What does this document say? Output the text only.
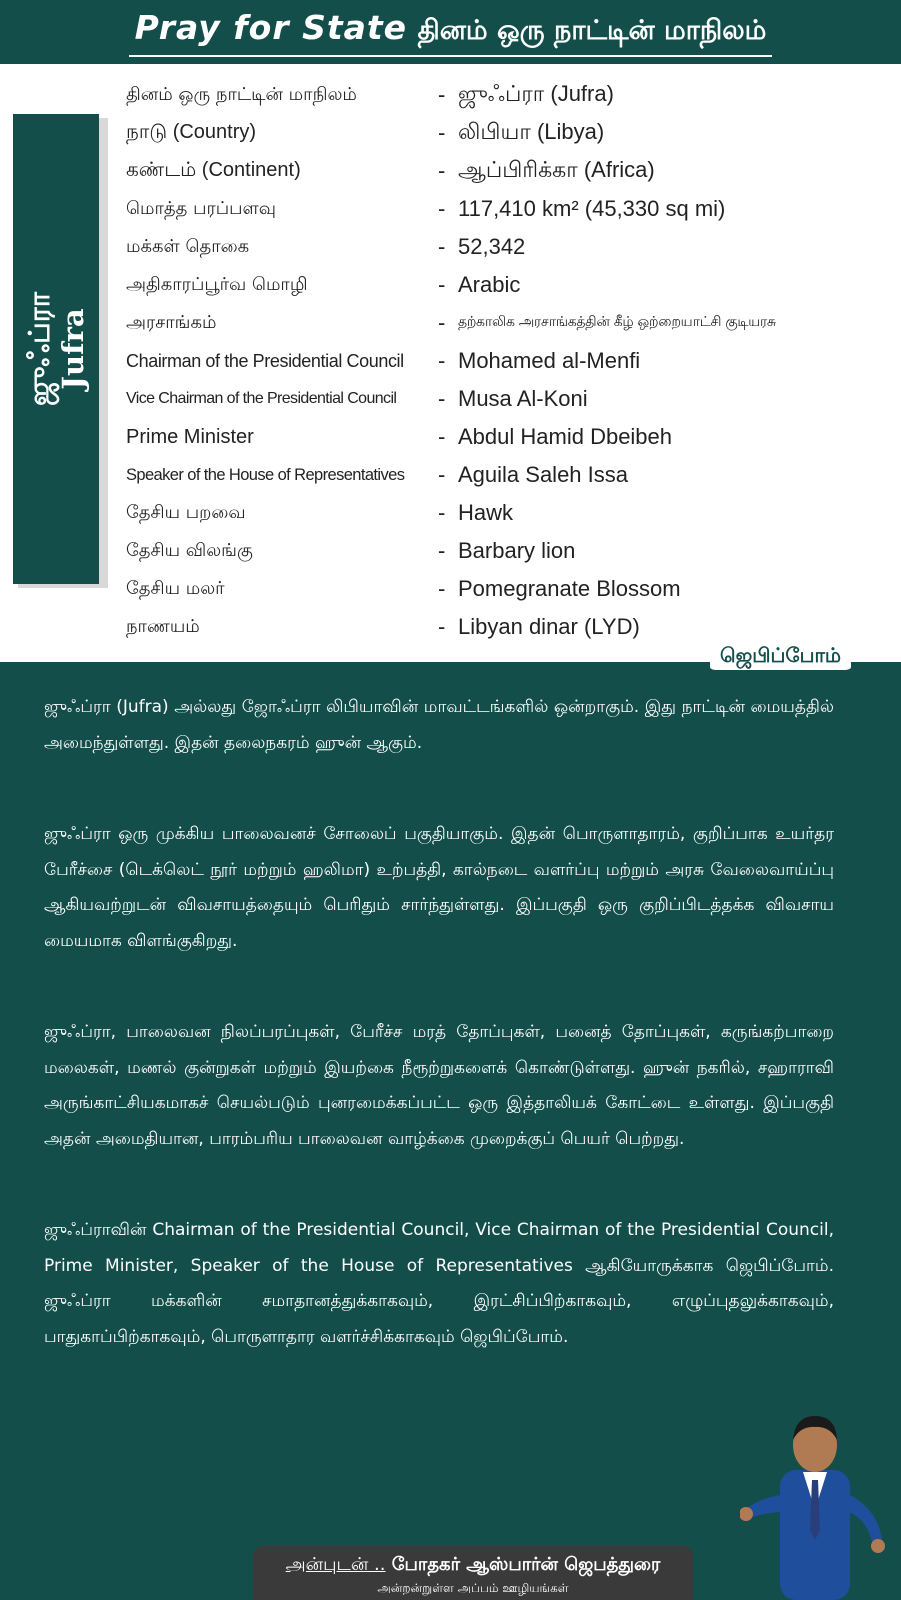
Pray for State தினம் ஒரு நாட்டின் மாநிலம்
ஜுஃப்ரா Jufra
தினம் ஒரு நாட்டின் மாநிலம்	- ஜுஃப்ரா (Jufra)
நாடு (Country)	- லிபியா (Libya)
கண்டம் (Continent)	- ஆப்பிரிக்கா (Africa)
மொத்த பரப்பளவு	- 117,410 km² (45,330 sq mi)
மக்கள் தொகை	- 52,342
அதிகாரப்பூர்வ மொழி	- Arabic
அரசாங்கம்	- தற்காலிக அரசாங்கத்தின் கீழ் ஒற்றையாட்சி குடியரசு
Chairman of the Presidential Council	- Mohamed al-Menfi
Vice Chairman of the Presidential Council	- Musa Al-Koni
Prime Minister	- Abdul Hamid Dbeibeh
Speaker of the House of Representatives	- Aguila Saleh Issa
தேசிய பறவை	- Hawk
தேசிய விலங்கு	- Barbary lion
தேசிய மலர்	- Pomegranate Blossom
நாணயம்	- Libyan dinar (LYD)
ஜெபிப்போம்

ஜுஃப்ரா (Jufra) அல்லது ஜோஃப்ரா லிபியாவின் மாவட்டங்களில் ஒன்றாகும். இது நாட்டின் மையத்தில் அமைந்துள்ளது. இதன் தலைநகரம் ஹுன் ஆகும்.

ஜுஃப்ரா ஒரு முக்கிய பாலைவனச் சோலைப் பகுதியாகும். இதன் பொருளாதாரம், குறிப்பாக உயர்தர பேரீச்சை (டெக்லெட் நூர் மற்றும் ஹலிமா) உற்பத்தி, கால்நடை வளர்ப்பு மற்றும் அரசு வேலைவாய்ப்பு ஆகியவற்றுடன் விவசாயத்தையும் பெரிதும் சார்ந்துள்ளது. இப்பகுதி ஒரு குறிப்பிடத்தக்க விவசாய மையமாக விளங்குகிறது.

ஜுஃப்ரா, பாலைவன நிலப்பரப்புகள், பேரீச்ச மரத் தோப்புகள், பனைத் தோப்புகள், கருங்கற்பாறை மலைகள், மணல் குன்றுகள் மற்றும் இயற்கை நீரூற்றுகளைக் கொண்டுள்ளது. ஹுன் நகரில், சஹாராவி அருங்காட்சியகமாகச் செயல்படும் புனரமைக்கப்பட்ட ஒரு இத்தாலியக் கோட்டை உள்ளது. இப்பகுதி அதன் அமைதியான, பாரம்பரிய பாலைவன வாழ்க்கை முறைக்குப் பெயர் பெற்றது.

ஜுஃப்ராவின் Chairman of the Presidential Council, Vice Chairman of the Presidential Council, Prime Minister, Speaker of the House of Representatives ஆகியோருக்காக ஜெபிப்போம். ஜுஃப்ரா மக்களின் சமாதானத்துக்காகவும், இரட்சிப்பிற்காகவும், எழுப்புதலுக்காகவும், பாதுகாப்பிற்காகவும், பொருளாதார வளர்ச்சிக்காகவும் ஜெபிப்போம்.

அன்புடன் .. போதகர் ஆஸ்பார்ன் ஜெபத்துரை
அன்றன்றுள்ள அப்பம் ஊழியங்கள்
